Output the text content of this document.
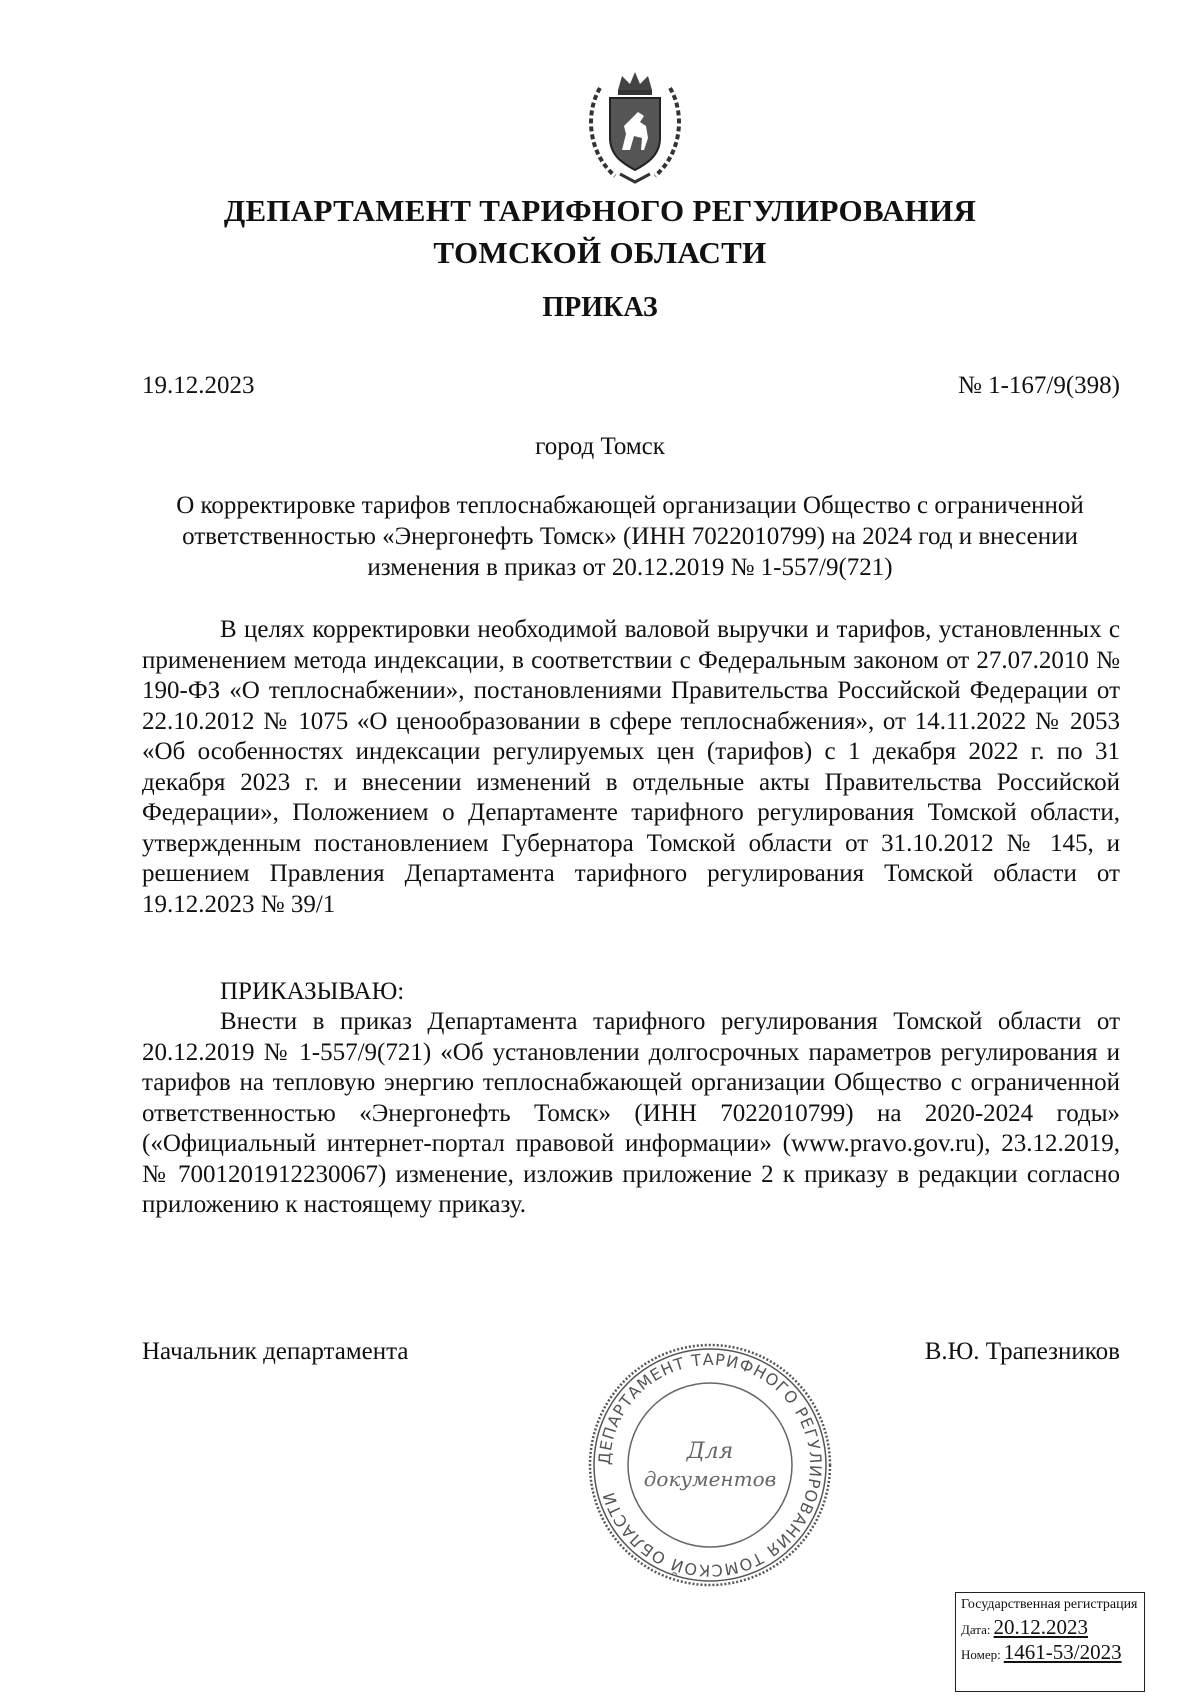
ДЕПАРТАМЕНТ ТАРИФНОГО РЕГУЛИРОВАНИЯ
ТОМСКОЙ ОБЛАСТИ
ПРИКАЗ
19.12.2023	№ 1-167/9(398)
город Томск
О корректировке тарифов теплоснабжающей организации Общество с ограниченной ответственностью «Энергонефть Томск» (ИНН 7022010799) на 2024 год и внесении изменения в приказ от 20.12.2019 № 1-557/9(721)

В целях корректировки необходимой валовой выручки и тарифов, установленных с применением метода индексации, в соответствии с Федеральным законом от 27.07.2010 № 190-ФЗ «О теплоснабжении», постановлениями Правительства Российской Федерации от 22.10.2012 № 1075 «О ценообразовании в сфере теплоснабжения», от 14.11.2022 № 2053 «Об особенностях индексации регулируемых цен (тарифов) с 1 декабря 2022 г. по 31 декабря 2023 г. и внесении изменений в отдельные акты Правительства Российской Федерации», Положением о Департаменте тарифного регулирования Томской области, утвержденным постановлением Губернатора Томской области от 31.10.2012 № 145, и решением Правления Департамента тарифного регулирования Томской области от 19.12.2023 № 39/1

ПРИКАЗЫВАЮ:

Внести в приказ Департамента тарифного регулирования Томской области от 20.12.2019 № 1-557/9(721) «Об установлении долгосрочных параметров регулирования и тарифов на тепловую энергию теплоснабжающей организации Общество с ограниченной ответственностью «Энергонефть Томск» (ИНН 7022010799) на 2020-2024 годы» («Официальный интернет-портал правовой информации» (www.pravo.gov.ru), 23.12.2019, № 7001201912230067) изменение, изложив приложение 2 к приказу в редакции согласно приложению к настоящему приказу.

Начальник департамента	В.Ю. Трапезников
ДЕПАРТАМЕНТ ТАРИФНОГО РЕГУЛИРОВАНИЯ ТОМСКОЙ ОБЛАСТИ
Для
документов
Государственная регистрация
Дата: 20.12.2023
Номер: 1461-53/2023
